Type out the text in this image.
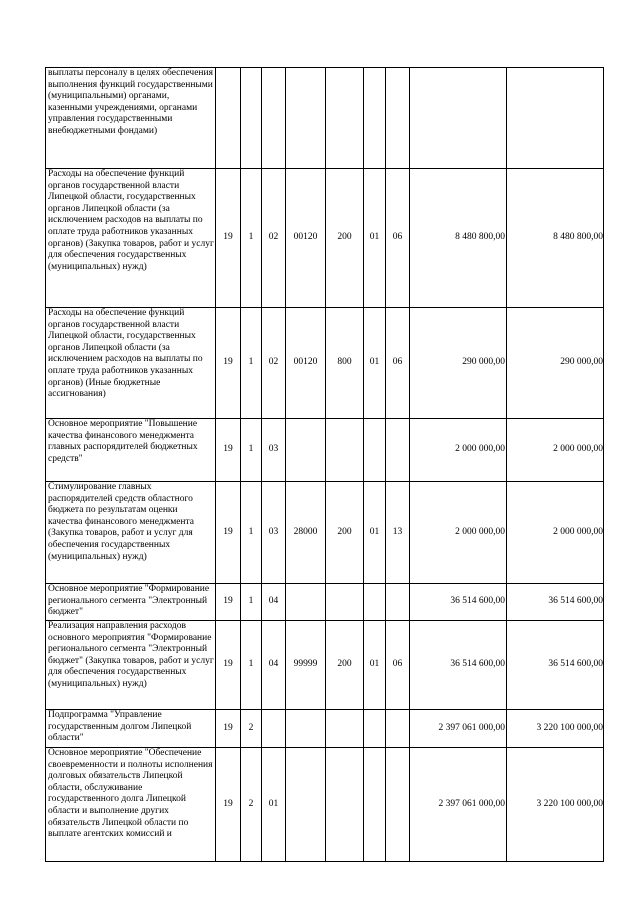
выплаты персоналу в целях обеспечения выполнения функций государственными (муниципальными) органами, казенными учреждениями, органами управления государственными внебюджетными фондами)									
Расходы на обеспечение функций органов государственной власти Липецкой области, государственных органов Липецкой области (за исключением расходов на выплаты по оплате труда работников указанных органов) (Закупка товаров, работ и услуг для обеспечения государственных (муниципальных) нужд)	19	1	02	00120	200	01	06	8 480 800,00	8 480 800,00
Расходы на обеспечение функций органов государственной власти Липецкой области, государственных органов Липецкой области (за исключением расходов на выплаты по оплате труда работников указанных органов) (Иные бюджетные ассигнования)	19	1	02	00120	800	01	06	290 000,00	290 000,00
Основное мероприятие "Повышение качества финансового менеджмента главных распорядителей бюджетных средств"	19	1	03					2 000 000,00	2 000 000,00
Стимулирование главных распорядителей средств областного бюджета по результатам оценки качества финансового менеджмента (Закупка товаров, работ и услуг для обеспечения государственных (муниципальных) нужд)	19	1	03	28000	200	01	13	2 000 000,00	2 000 000,00
Основное мероприятие "Формирование регионального сегмента "Электронный бюджет"	19	1	04					36 514 600,00	36 514 600,00
Реализация направления расходов основного мероприятия "Формирование регионального сегмента "Электронный бюджет" (Закупка товаров, работ и услуг для обеспечения государственных (муниципальных) нужд)	19	1	04	99999	200	01	06	36 514 600,00	36 514 600,00
Подпрограмма "Управление государственным долгом Липецкой области"	19	2						2 397 061 000,00	3 220 100 000,00
Основное мероприятие "Обеспечение своевременности и полноты исполнения долговых обязательств Липецкой области, обслуживание государственного долга Липецкой области и выполнение других обязательств Липецкой области по выплате агентских комиссий и	19	2	01					2 397 061 000,00	3 220 100 000,00
